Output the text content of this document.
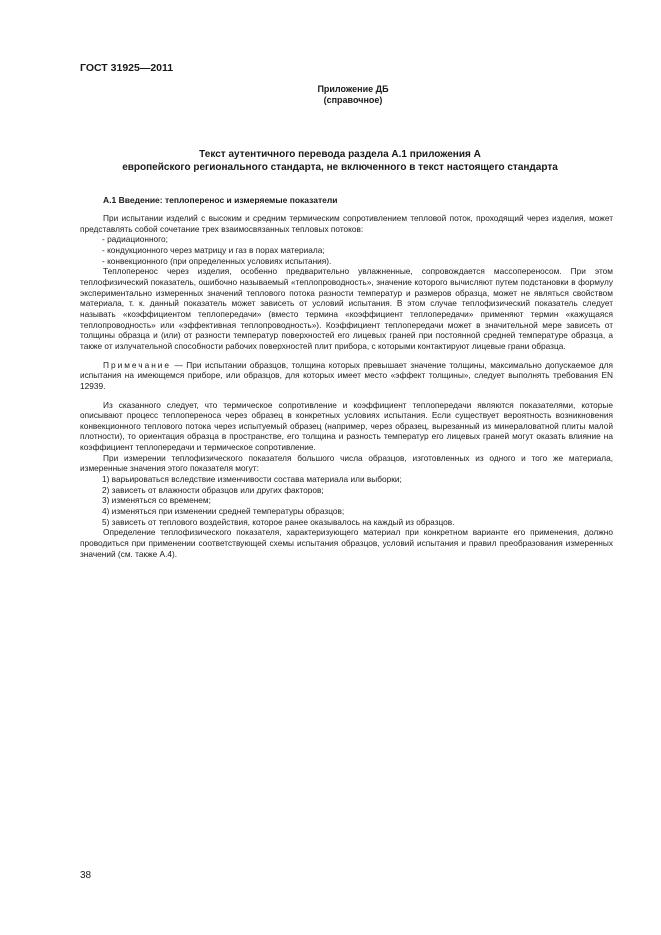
ГОСТ 31925—2011
Приложение ДБ
(справочное)
Текст аутентичного перевода раздела А.1 приложения А
европейского регионального стандарта, не включенного в текст настоящего стандарта
А.1 Введение: теплоперенос и измеряемые показатели

При испытании изделий с высоким и средним термическим сопротивлением тепловой поток, проходящий через изделия, может представлять собой сочетание трех взаимосвязанных тепловых потоков:

- радиационного;
- кондукционного через матрицу и газ в порах материала;
- конвекционного (при определенных условиях испытания).

Теплоперенос через изделия, особенно предварительно увлажненные, сопровождается массопереносом. При этом теплофизический показатель, ошибочно называемый «теплопроводность», значение которого вычисляют путем подстановки в формулу экспериментально измеренных значений теплового потока разности температур и размеров образца, может не являться свойством материала, т. к. данный показатель может зависеть от условий испытания. В этом случае теплофизический показатель следует называть «коэффициентом теплопередачи» (вместо термина «коэффициент теплопередачи» применяют термин «кажущаяся теплопроводность» или «эффективная теплопроводность»). Коэффициент теплопередачи может в значительной мере зависеть от толщины образца и (или) от разности температур поверхностей его лицевых граней при постоянной средней температуре образца, а также от излучательной способности рабочих поверхностей плит прибора, с которыми контактируют лицевые грани образца.

Примечание — При испытании образцов, толщина которых превышает значение толщины, максимально допускаемое для испытания на имеющемся приборе, или образцов, для которых имеет место «эффект толщины», следует выполнять требования EN 12939.

Из сказанного следует, что термическое сопротивление и коэффициент теплопередачи являются показателями, которые описывают процесс теплопереноса через образец в конкретных условиях испытания. Если существует вероятность возникновения конвекционного теплового потока через испытуемый образец (например, через образец, вырезанный из минераловатной плиты малой плотности), то ориентация образца в пространстве, его толщина и разность температур его лицевых граней могут оказать влияние на коэффициент теплопередачи и термическое сопротивление.

При измерении теплофизического показателя большого числа образцов, изготовленных из одного и того же материала, измеренные значения этого показателя могут:

1) варьироваться вследствие изменчивости состава материала или выборки;
2) зависеть от влажности образцов или других факторов;
3) изменяться со временем;
4) изменяться при изменении средней температуры образцов;
5) зависеть от теплового воздействия, которое ранее оказывалось на каждый из образцов.

Определение теплофизического показателя, характеризующего материал при конкретном варианте его применения, должно проводиться при применении соответствующей схемы испытания образцов, условий испытания и правил преобразования измеренных значений (см. также А.4).

38
